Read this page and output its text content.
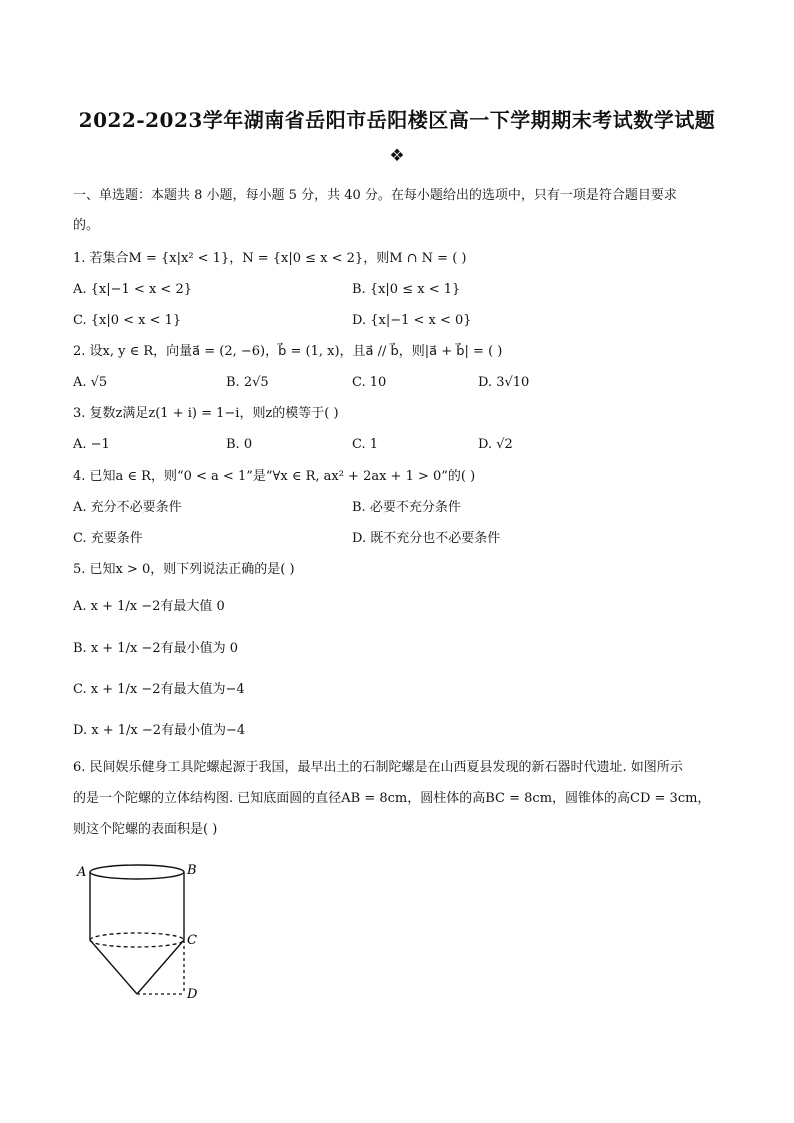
2022-2023学年湖南省岳阳市岳阳楼区高一下学期期末考试数学试题
❖
一、单选题：本题共 8 小题，每小题 5 分，共 40 分。在每小题给出的选项中，只有一项是符合题目要求
的。
1. 若集合M = {x|x² < 1}，N = {x|0 ≤ x < 2}，则M ∩ N = ( )
A. {x|−1 < x < 2}	B. {x|0 ≤ x < 1}
C. {x|0 < x < 1}	D. {x|−1 < x < 0}
2. 设x, y ∈ R，向量a⃗ = (2, −6)，b⃗ = (1, x)，且a⃗ // b⃗，则|a⃗ + b⃗| = ( )
A. √5	B. 2√5	C. 10	D. 3√10
3. 复数z满足z(1 + i) = 1−i，则z的模等于( )
A. −1	B. 0	C. 1	D. √2
4. 已知a ∈ R，则“0 < a < 1”是“∀x ∈ R, ax² + 2ax + 1 > 0”的( )
A. 充分不必要条件	B. 必要不充分条件
C. 充要条件	D. 既不充分也不必要条件
5. 已知x > 0，则下列说法正确的是( )
A. x + 1/x −2有最大值 0
B. x + 1/x −2有最小值为 0
C. x + 1/x −2有最大值为−4
D. x + 1/x −2有最小值为−4
6. 民间娱乐健身工具陀螺起源于我国，最早出土的石制陀螺是在山西夏县发现的新石器时代遗址. 如图所示
的是一个陀螺的立体结构图. 已知底面圆的直径AB = 8cm，圆柱体的高BC = 8cm，圆锥体的高CD = 3cm，
则这个陀螺的表面积是( )
A	B
C
D
